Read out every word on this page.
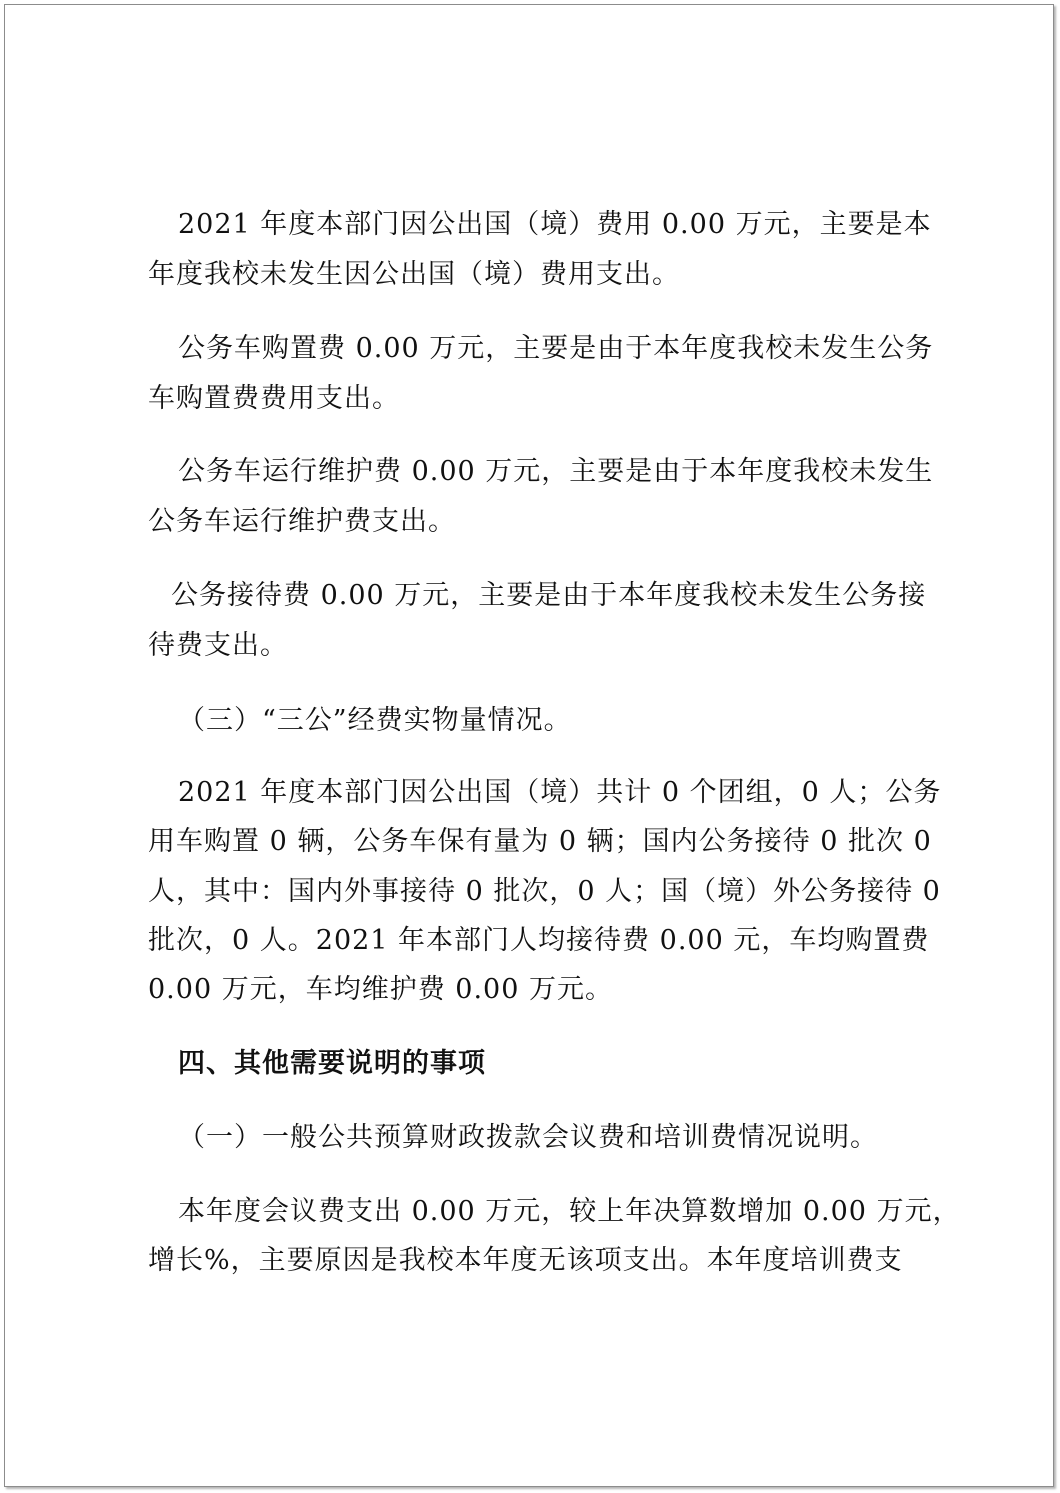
2021 年度本部门因公出国（境）费用 0.00 万元，主要是本
年度我校未发生因公出国（境）费用支出。
公务车购置费 0.00 万元，主要是由于本年度我校未发生公务
车购置费费用支出。
公务车运行维护费 0.00 万元，主要是由于本年度我校未发生
公务车运行维护费支出。
公务接待费 0.00 万元，主要是由于本年度我校未发生公务接
待费支出。
（三）“三公”经费实物量情况。
2021 年度本部门因公出国（境）共计 0 个团组，0 人；公务
用车购置 0 辆，公务车保有量为 0 辆；国内公务接待 0 批次 0
人，其中：国内外事接待 0 批次，0 人；国（境）外公务接待 0
批次，0 人。2021 年本部门人均接待费 0.00 元，车均购置费
0.00 万元，车均维护费 0.00 万元。
四、其他需要说明的事项
（一）一般公共预算财政拨款会议费和培训费情况说明。
本年度会议费支出 0.00 万元，较上年决算数增加 0.00 万元，
增长%，主要原因是我校本年度无该项支出。本年度培训费支
